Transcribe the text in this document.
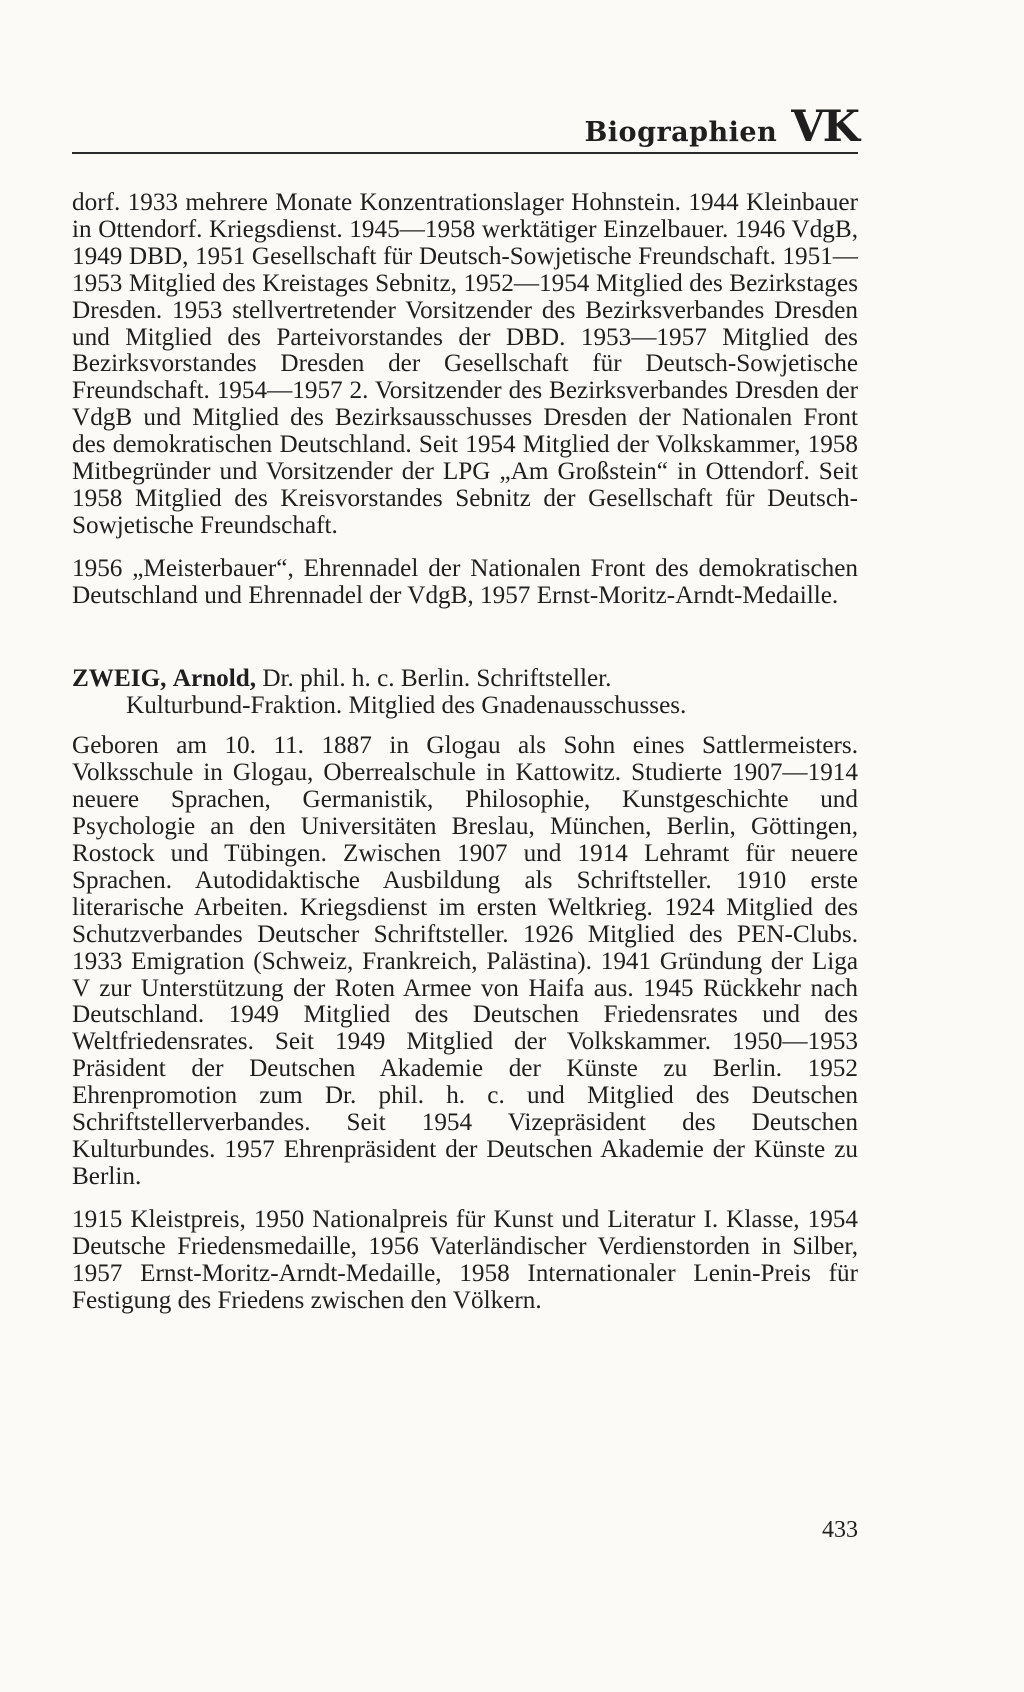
Biographien VK

dorf. 1933 mehrere Monate Konzentrationslager Hohnstein. 1944 Kleinbauer in Ottendorf. Kriegsdienst. 1945—1958 werktätiger Einzelbauer. 1946 VdgB, 1949 DBD, 1951 Gesellschaft für Deutsch-Sowjetische Freundschaft. 1951—1953 Mitglied des Kreistages Sebnitz, 1952—1954 Mitglied des Bezirkstages Dresden. 1953 stellvertretender Vorsitzender des Bezirksverbandes Dresden und Mitglied des Parteivorstandes der DBD. 1953—1957 Mitglied des Bezirksvorstandes Dresden der Gesellschaft für Deutsch-Sowjetische Freundschaft. 1954—1957 2. Vorsitzender des Bezirksverbandes Dresden der VdgB und Mitglied des Bezirksausschusses Dresden der Nationalen Front des demokratischen Deutschland. Seit 1954 Mitglied der Volkskammer, 1958 Mitbegründer und Vorsitzender der LPG „Am Großstein“ in Ottendorf. Seit 1958 Mitglied des Kreisvorstandes Sebnitz der Gesellschaft für Deutsch-Sowjetische Freundschaft.

1956 „Meisterbauer“, Ehrennadel der Nationalen Front des demokratischen Deutschland und Ehrennadel der VdgB, 1957 Ernst-Moritz-Arndt-Medaille.

ZWEIG, Arnold, Dr. phil. h. c. Berlin. Schriftsteller.

Kulturbund-Fraktion. Mitglied des Gnadenausschusses.

Geboren am 10. 11. 1887 in Glogau als Sohn eines Sattlermeisters. Volksschule in Glogau, Oberrealschule in Kattowitz. Studierte 1907—1914 neuere Sprachen, Germanistik, Philosophie, Kunstgeschichte und Psychologie an den Universitäten Breslau, München, Berlin, Göttingen, Rostock und Tübingen. Zwischen 1907 und 1914 Lehramt für neuere Sprachen. Autodidaktische Ausbildung als Schriftsteller. 1910 erste literarische Arbeiten. Kriegsdienst im ersten Weltkrieg. 1924 Mitglied des Schutzverbandes Deutscher Schriftsteller. 1926 Mitglied des PEN-Clubs. 1933 Emigration (Schweiz, Frankreich, Palästina). 1941 Gründung der Liga V zur Unterstützung der Roten Armee von Haifa aus. 1945 Rückkehr nach Deutschland. 1949 Mitglied des Deutschen Friedensrates und des Weltfriedensrates. Seit 1949 Mitglied der Volkskammer. 1950—1953 Präsident der Deutschen Akademie der Künste zu Berlin. 1952 Ehrenpromotion zum Dr. phil. h. c. und Mitglied des Deutschen Schriftstellerverbandes. Seit 1954 Vizepräsident des Deutschen Kulturbundes. 1957 Ehrenpräsident der Deutschen Akademie der Künste zu Berlin.

1915 Kleistpreis, 1950 Nationalpreis für Kunst und Literatur I. Klasse, 1954 Deutsche Friedensmedaille, 1956 Vaterländischer Verdienstorden in Silber, 1957 Ernst-Moritz-Arndt-Medaille, 1958 Internationaler Lenin-Preis für Festigung des Friedens zwischen den Völkern.

433
